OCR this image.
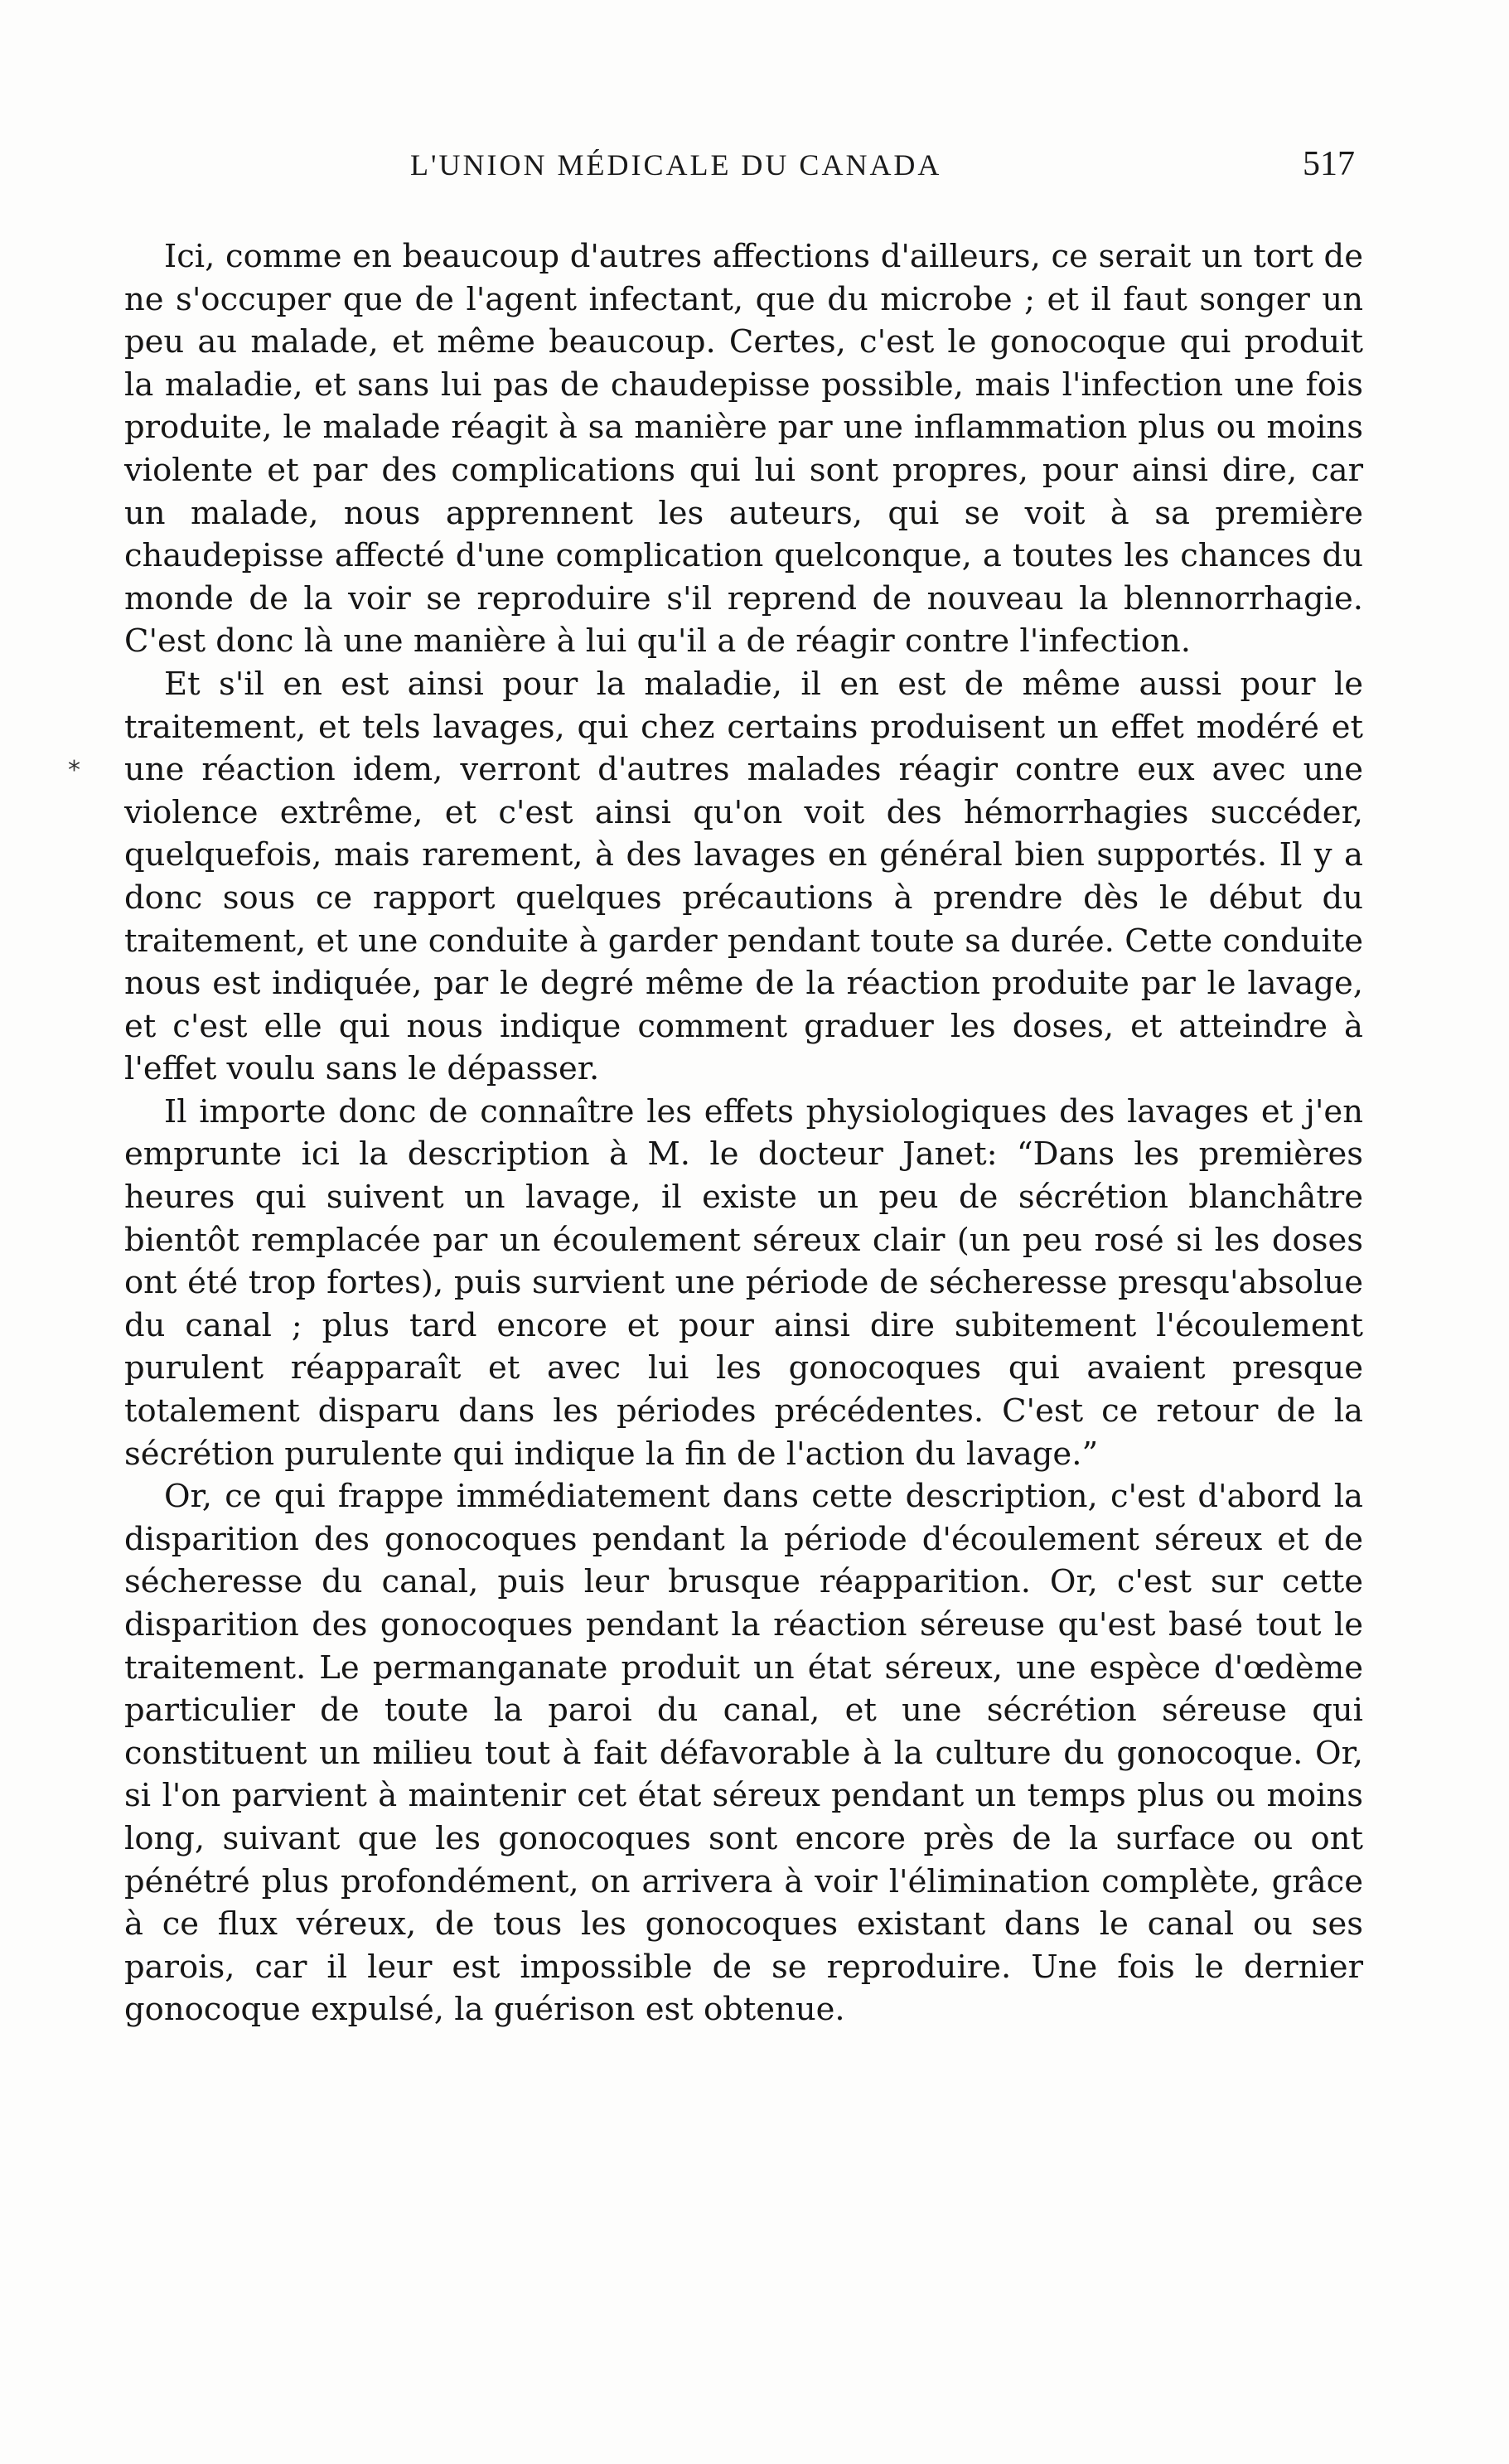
L'UNION MÉDICALE DU CANADA	517
*

Ici, comme en beaucoup d'autres affections d'ailleurs, ce serait un tort de ne s'occuper que de l'agent infectant, que du microbe ; et il faut songer un peu au malade, et même beaucoup. Certes, c'est le gonocoque qui produit la maladie, et sans lui pas de chaudepisse possible, mais l'infection une fois produite, le malade réagit à sa manière par une inflammation plus ou moins violente et par des complications qui lui sont propres, pour ainsi dire, car un malade, nous apprennent les auteurs, qui se voit à sa première chaudepisse affecté d'une complication quelconque, a toutes les chances du monde de la voir se reproduire s'il reprend de nouveau la blennorrhagie. C'est donc là une manière à lui qu'il a de réagir contre l'infection.

Et s'il en est ainsi pour la maladie, il en est de même aussi pour le traitement, et tels lavages, qui chez certains produisent un effet modéré et une réaction idem, verront d'autres malades réagir contre eux avec une violence extrême, et c'est ainsi qu'on voit des hémorrhagies succéder, quelquefois, mais rarement, à des lavages en général bien supportés. Il y a donc sous ce rapport quelques précautions à prendre dès le début du traitement, et une conduite à garder pendant toute sa durée. Cette conduite nous est indiquée, par le degré même de la réaction produite par le lavage, et c'est elle qui nous indique comment graduer les doses, et atteindre à l'effet voulu sans le dépasser.

Il importe donc de connaître les effets physiologiques des lavages et j'en emprunte ici la description à M. le docteur Janet: “Dans les premières heures qui suivent un lavage, il existe un peu de sécrétion blanchâtre bientôt remplacée par un écoulement séreux clair (un peu rosé si les doses ont été trop fortes), puis survient une période de sécheresse presqu'absolue du canal ; plus tard encore et pour ainsi dire subitement l'écoulement purulent réapparaît et avec lui les gonocoques qui avaient presque totalement disparu dans les périodes précédentes. C'est ce retour de la sécrétion purulente qui indique la fin de l'action du lavage.”

Or, ce qui frappe immédiatement dans cette description, c'est d'abord la disparition des gonocoques pendant la période d'écoulement séreux et de sécheresse du canal, puis leur brusque réapparition. Or, c'est sur cette disparition des gonocoques pendant la réaction séreuse qu'est basé tout le traitement. Le permanganate produit un état séreux, une espèce d'œdème particulier de toute la paroi du canal, et une sécrétion séreuse qui constituent un milieu tout à fait défavorable à la culture du gonocoque. Or, si l'on parvient à maintenir cet état séreux pendant un temps plus ou moins long, suivant que les gonocoques sont encore près de la surface ou ont pénétré plus profondément, on arrivera à voir l'élimination complète, grâce à ce flux véreux, de tous les gonocoques existant dans le canal ou ses parois, car il leur est impossible de se reproduire. Une fois le dernier gonocoque expulsé, la guérison est obtenue.
